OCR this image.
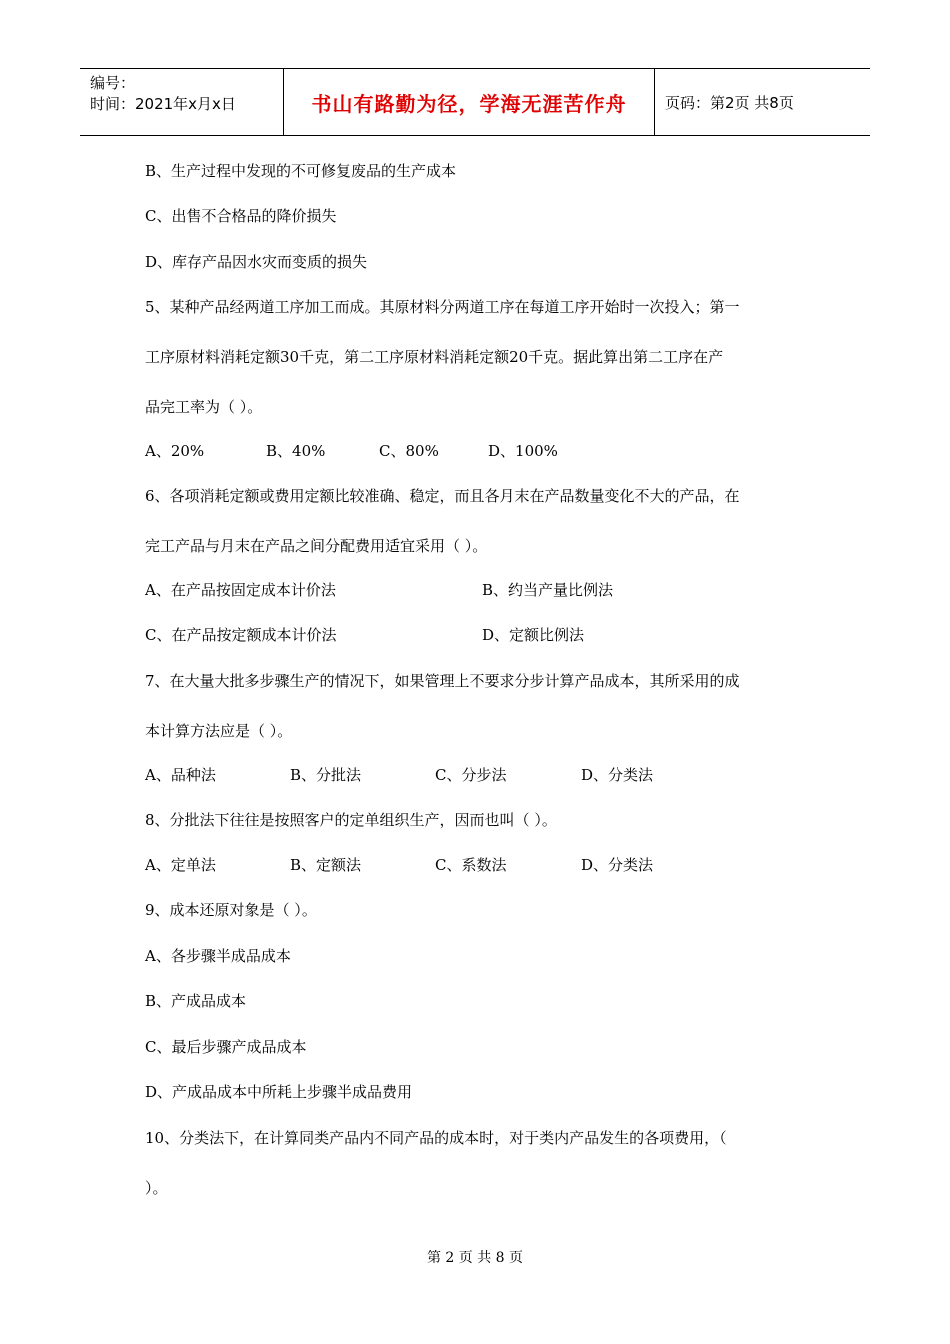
编号：
时间：2021年x月x日	书山有路勤为径，学海无涯苦作舟	页码：第2页 共8页
B、生产过程中发现的不可修复废品的生产成本
C、出售不合格品的降价损失
D、库存产品因水灾而变质的损失
5、某种产品经两道工序加工而成。其原材料分两道工序在每道工序开始时一次投入；第一
工序原材料消耗定额30千克，第二工序原材料消耗定额20千克。据此算出第二工序在产
品完工率为（ ）。
A、20%	B、40%	C、80%	D、100%
6、各项消耗定额或费用定额比较准确、稳定，而且各月末在产品数量变化不大的产品，在
完工产品与月末在产品之间分配费用适宜采用（ ）。
A、在产品按固定成本计价法	B、约当产量比例法
C、在产品按定额成本计价法	D、定额比例法
7、在大量大批多步骤生产的情况下，如果管理上不要求分步计算产品成本，其所采用的成
本计算方法应是（ ）。
A、品种法	B、分批法	C、分步法	D、分类法
8、分批法下往往是按照客户的定单组织生产，因而也叫（ ）。
A、定单法	B、定额法	C、系数法	D、分类法
9、成本还原对象是（ ）。
A、各步骤半成品成本
B、产成品成本
C、最后步骤产成品成本
D、产成品成本中所耗上步骤半成品费用
10、分类法下，在计算同类产品内不同产品的成本时，对于类内产品发生的各项费用，（
）。
第 2 页 共 8 页
